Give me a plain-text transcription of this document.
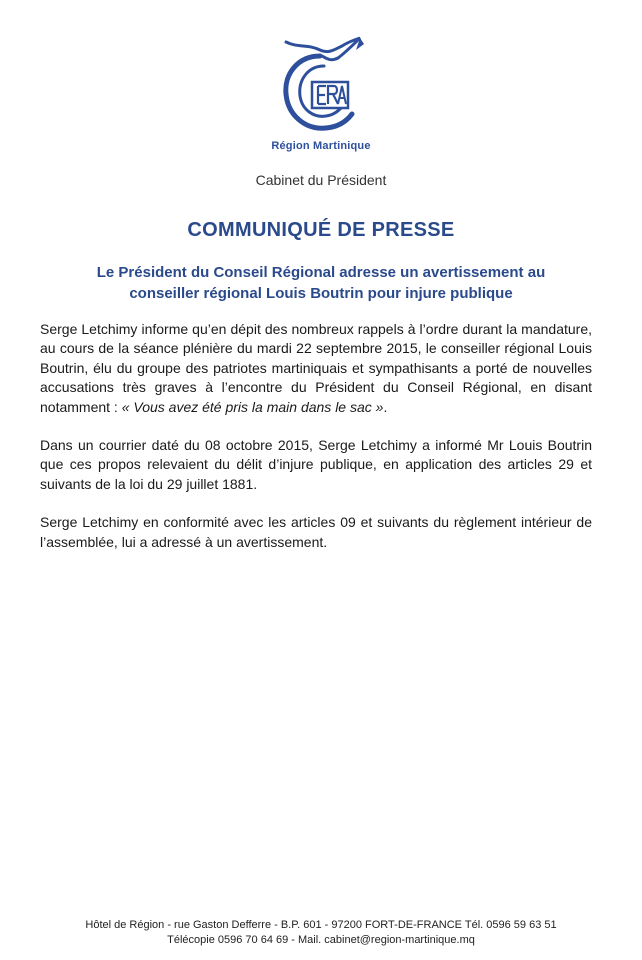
Région Martinique
Cabinet du Président
COMMUNIQUÉ DE PRESSE
Le Président du Conseil Régional adresse un avertissement au
conseiller régional Louis Boutrin pour injure publique

Serge Letchimy informe qu’en dépit des nombreux rappels à l’ordre durant la mandature, au cours de la séance plénière du mardi 22 septembre 2015, le conseiller régional Louis Boutrin, élu du groupe des patriotes martiniquais et sympathisants a porté de nouvelles accusations très graves à l’encontre du Président du Conseil Régional, en disant notamment : « Vous avez été pris la main dans le sac ».

Dans un courrier daté du 08 octobre 2015, Serge Letchimy a informé Mr Louis Boutrin que ces propos relevaient du délit d’injure publique, en application des articles 29 et suivants de la loi du 29 juillet 1881.

Serge Letchimy en conformité avec les articles 09 et suivants du règlement intérieur de l’assemblée, lui a adressé à un avertissement.

Hôtel de Région - rue Gaston Defferre - B.P. 601 - 97200 FORT-DE-FRANCE Tél. 0596 59 63 51
Télécopie 0596 70 64 69 - Mail. cabinet@region-martinique.mq
